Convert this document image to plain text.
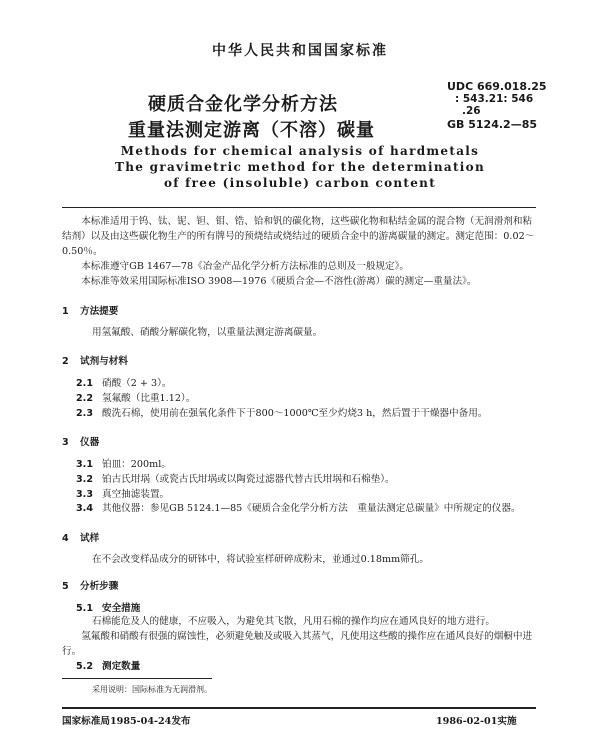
中华人民共和国国家标准
硬质合金化学分析方法
重量法测定游离（不溶）碳量
UDC 669.018.25
: 543.21: 546
.26
GB 5124.2—85
Methods for chemical analysis of hardmetals
The gravimetric method for the determination
of free (insoluble) carbon content

本标准适用于钨、钛、铌、钽、钼、锆、铪和钒的碳化物，这些碳化物和粘结金属的混合物（无润滑剂和粘结剂）以及由这些碳化物生产的所有牌号的预烧结或烧结过的硬质合金中的游离碳量的测定。测定范围：0.02～0.50％。

本标准遵守GB 1467—78《冶金产品化学分析方法标准的总则及一般规定》。

本标准等效采用国际标准ISO 3908—1976《硬质合金—不溶性(游离）碳的测定—重量法》。

1 方法提要

用氢氟酸、硝酸分解碳化物，以重量法测定游离碳量。

2 试剂与材料
2.1 硝酸（2 + 3）。
2.2 氢氟酸（比重1.12）。
2.3 酸洗石棉，使用前在强氧化条件下于800～1000℃至少灼烧3 h，然后置于干燥器中备用。
3 仪器
3.1 铂皿：200ml。
3.2 铂古氏坩埚（或瓷古氏坩埚或以陶瓷过滤器代替古氏坩埚和石棉垫）。
3.3 真空抽滤装置。

3.4 其他仪器：参见GB 5124.1—85《硬质合金化学分析方法　重量法测定总碳量》中所规定的仪器。

4 试样

在不会改变样品成分的研钵中，将试验室样研碎成粉末，並通过0.18mm筛孔。

5 分析步骤
5.1 安全措施

石棉能危及人的健康，不应吸入，为避免其飞散，凡用石棉的操作均应在通风良好的地方进行。

氢氟酸和硝酸有很强的腐蚀性，必须避免触及或吸入其蒸气，凡使用这些酸的操作应在通风良好的烟橱中进行。

5.2 测定数量
采用说明：国际标准为无润滑剂。
国家标准局1985-04-24发布	1986-02-01实施
